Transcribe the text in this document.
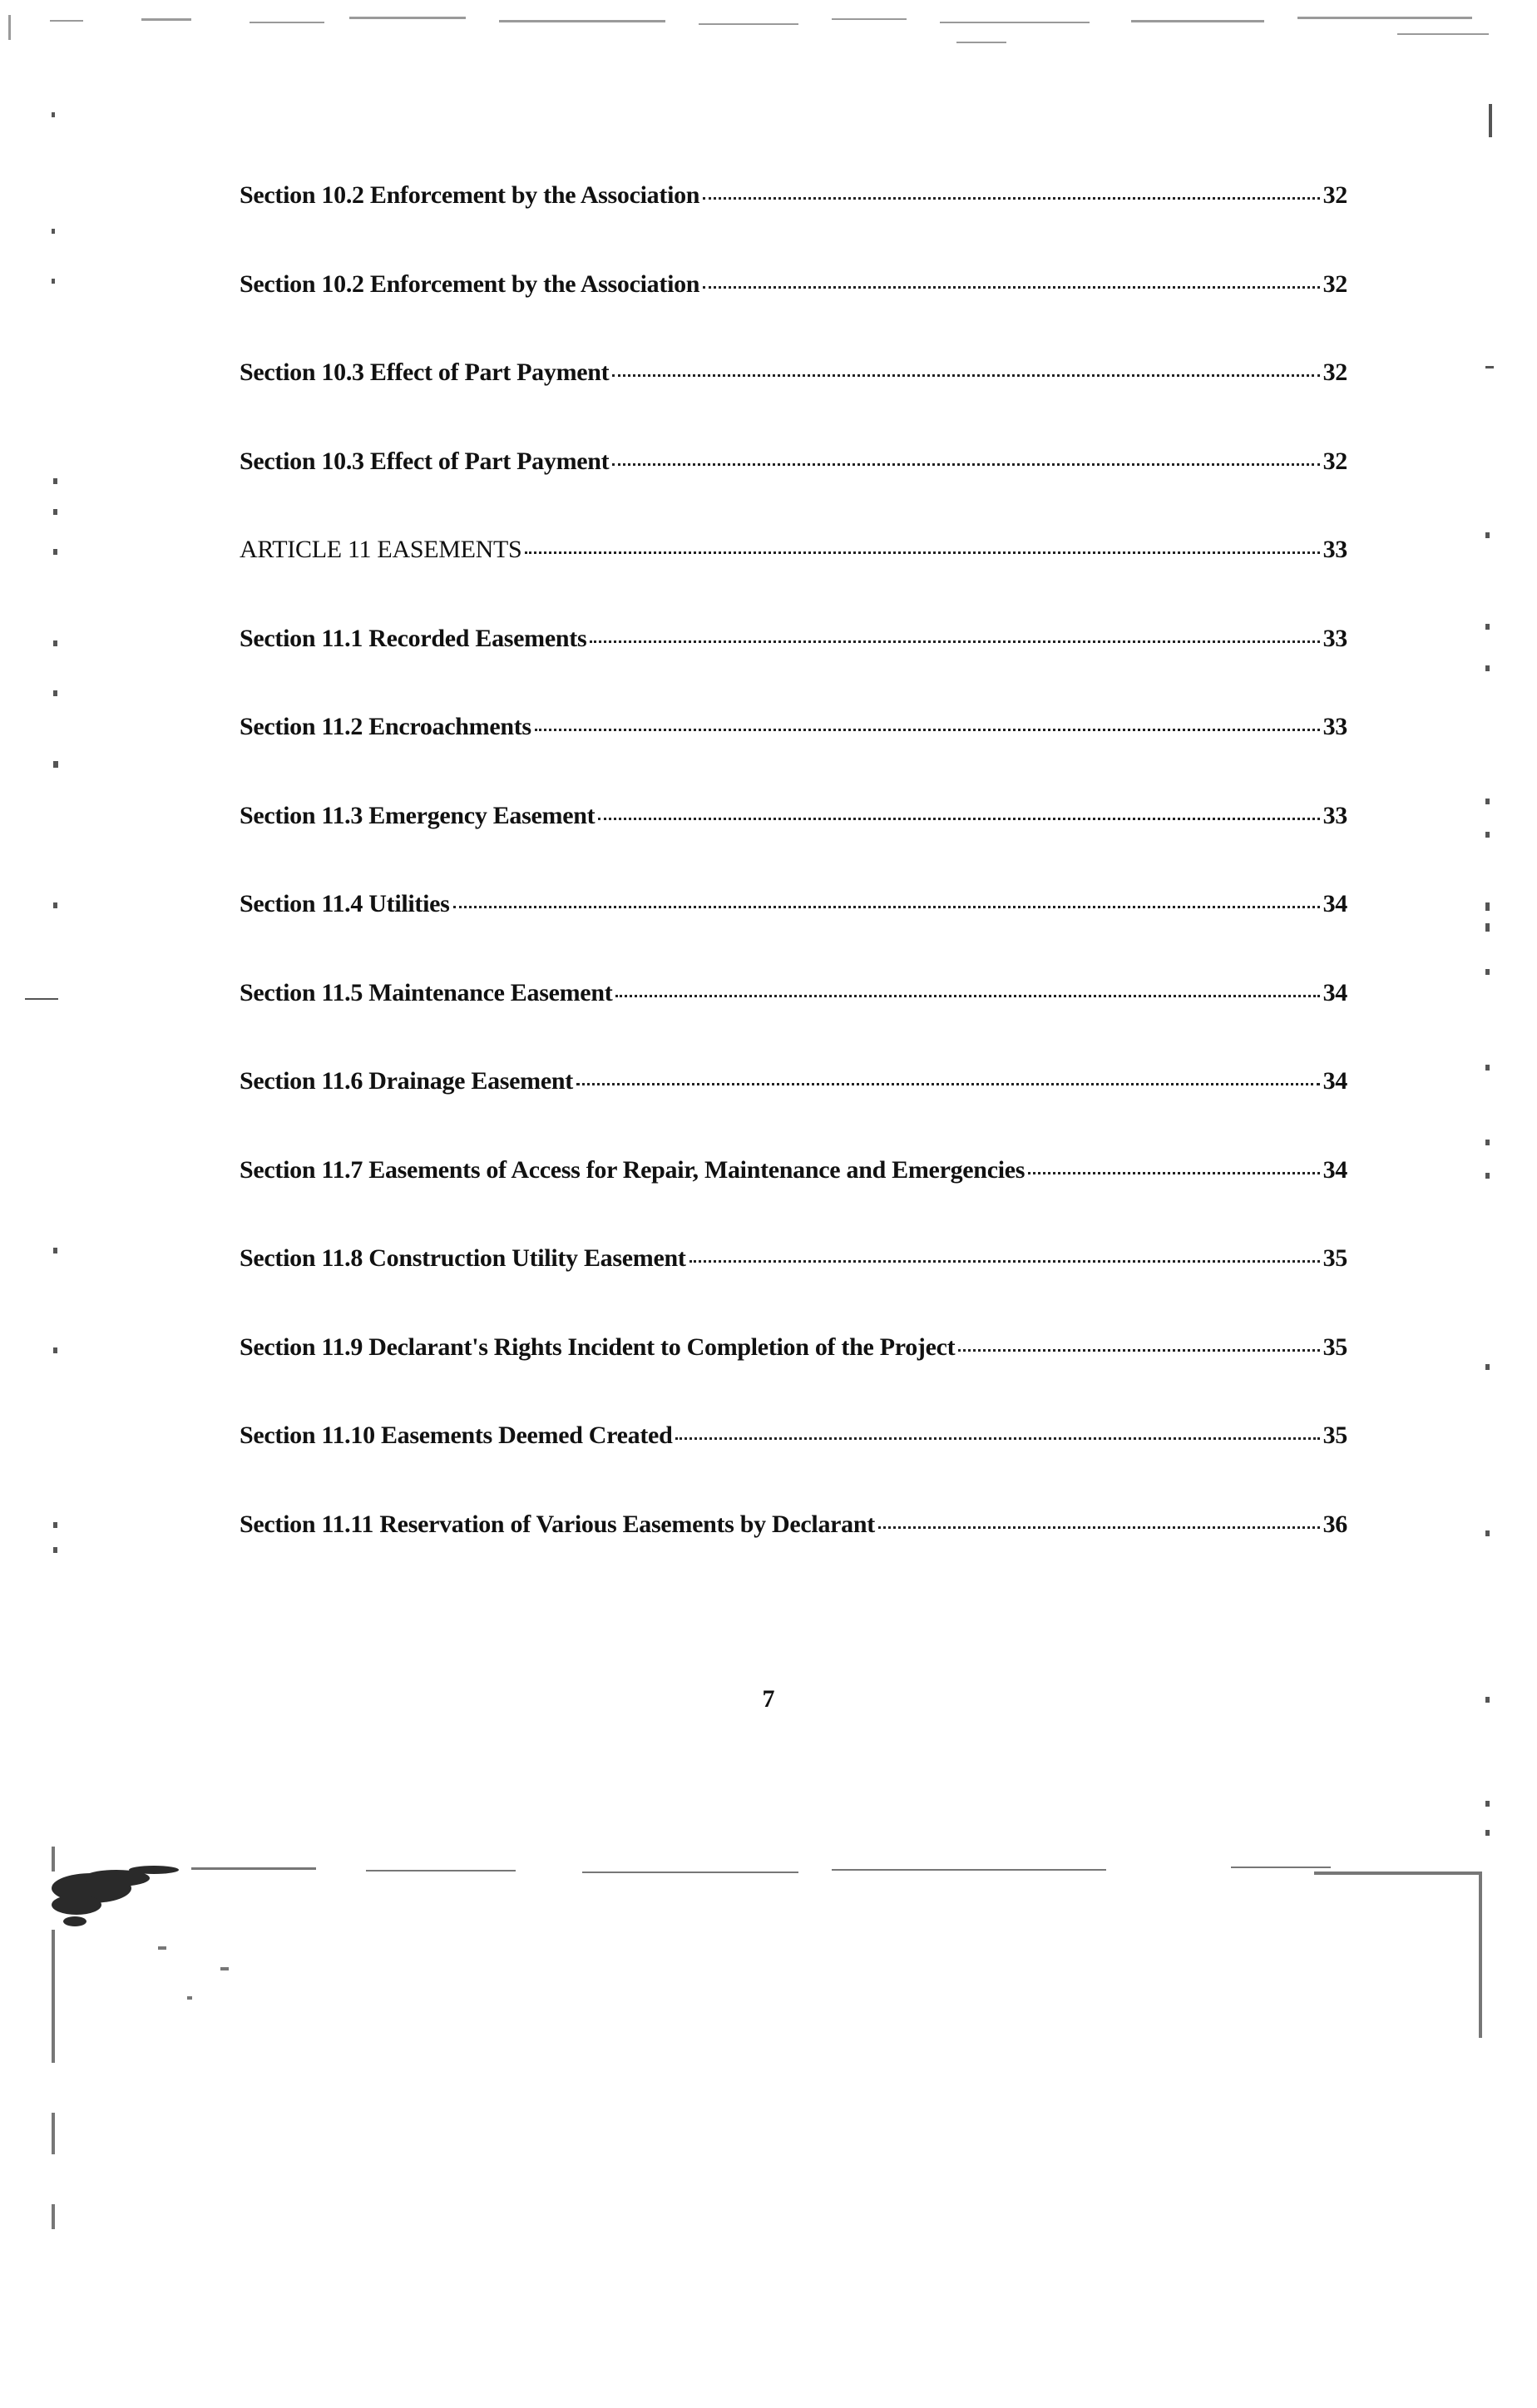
Section 10.2 Enforcement by the Association	32
Section 10.2 Enforcement by the Association	32
Section 10.3 Effect of Part Payment	32
Section 10.3 Effect of Part Payment	32
ARTICLE 11 EASEMENTS	33
Section 11.1 Recorded Easements	33
Section 11.2 Encroachments	33
Section 11.3 Emergency Easement	33
Section 11.4 Utilities	34
Section 11.5 Maintenance Easement	34
Section 11.6 Drainage Easement	34
Section 11.7 Easements of Access for Repair, Maintenance and Emergencies	34
Section 11.8 Construction Utility Easement	35
Section 11.9 Declarant's Rights Incident to Completion of the Project	35
Section 11.10 Easements Deemed Created	35
Section 11.11 Reservation of Various Easements by Declarant	36
7
